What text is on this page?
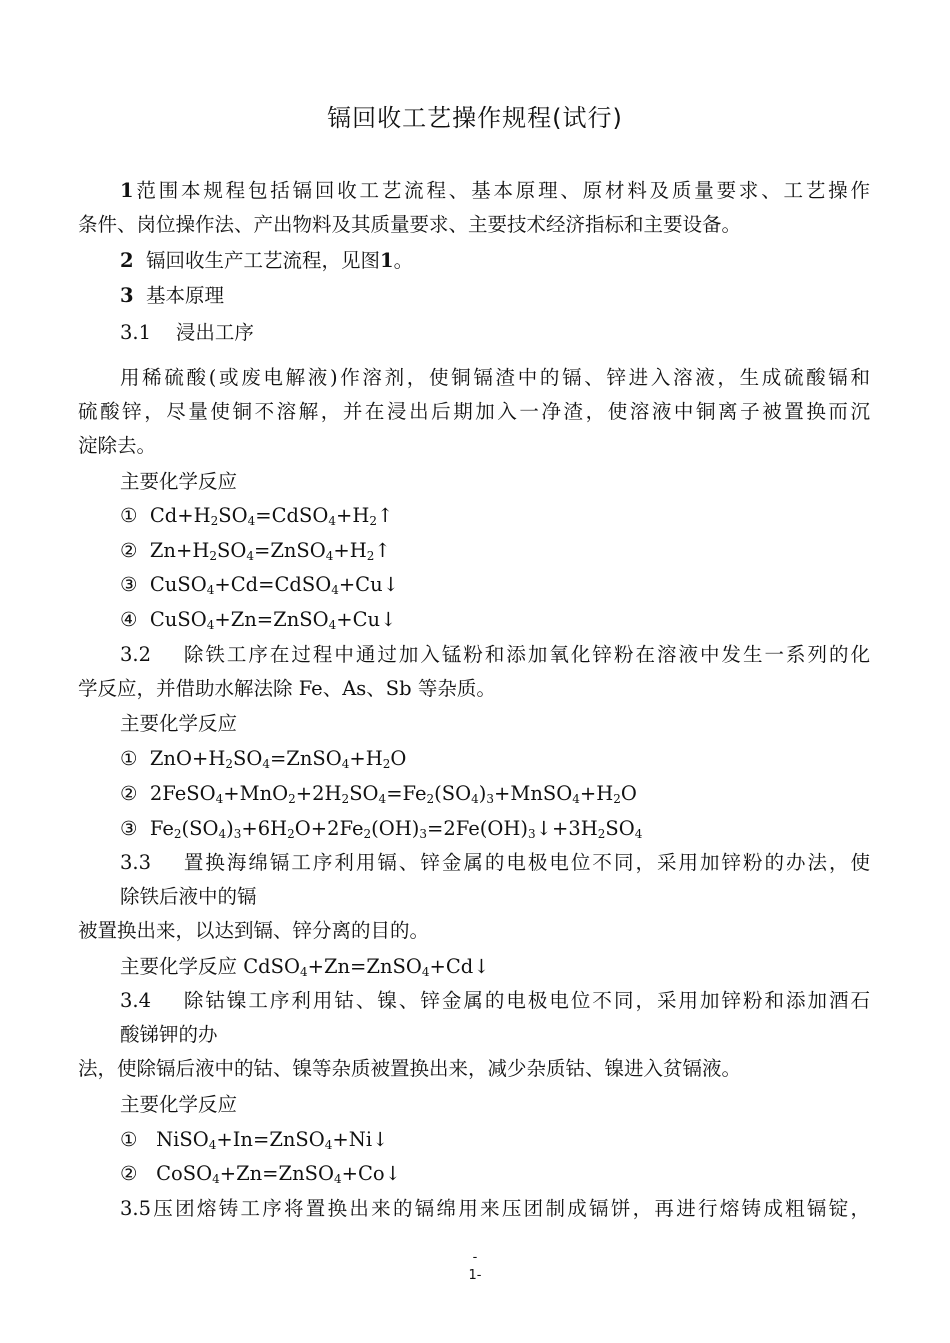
镉回收工艺操作规程(试行)
1范围本规程包括镉回收工艺流程、基本原理、原材料及质量要求、工艺操作
条件、岗位操作法、产出物料及其质量要求、主要技术经济指标和主要设备。
2 镉回收生产工艺流程，见图1。
3 基本原理
3.1 浸出工序
用稀硫酸(或废电解液)作溶剂，使铜镉渣中的镉、锌进入溶液，生成硫酸镉和
硫酸锌，尽量使铜不溶解，并在浸出后期加入一净渣，使溶液中铜离子被置换而沉
淀除去。
主要化学反应
①  $Cd+H_2SO_4=CdSO_4+H_2↑$
②  $Zn+H_2SO_4=ZnSO_4+H_2↑$
③  CuSO$_4$+Cd=CdSO$_4$+Cu↓
④  CuSO$_4$+Zn=ZnSO$_4$+Cu↓
3.2 除铁工序在过程中通过加入锰粉和添加氧化锌粉在溶液中发生一系列的化
学反应，并借助水解法除 Fe、As、Sb 等杂质。
主要化学反应
①  $ZnO+H_2SO_4=ZnSO_4+H_2O$
②  $2FeSO_4+MnO_2+2H_2SO_4=Fe_2(SO_4)_3+MnSO_4+H_2O$
③  $Fe_2(SO_4)_3+6H_2O+2Fe_2(OH)_3=2Fe(OH)_3↓+3H_2SO_4$
3.3 置换海绵镉工序利用镉、锌金属的电极电位不同，采用加锌粉的办法，使
除铁后液中的镉
被置换出来，以达到镉、锌分离的目的。
主要化学反应 CdSO$_4$+Zn=ZnSO$_4$+Cd↓
3.4 除钴镍工序利用钴、镍、锌金属的电极电位不同，采用加锌粉和添加酒石
酸锑钾的办
法，使除镉后液中的钴、镍等杂质被置换出来，减少杂质钴、镍进入贫镉液。
主要化学反应
①   NiSO$_4$+In=ZnSO$_4$+Ni↓
②   CoSO$_4$+Zn=ZnSO$_4$+Co↓
3.5压团熔铸工序将置换出来的镉绵用来压团制成镉饼，再进行熔铸成粗镉锭，
-
1-
